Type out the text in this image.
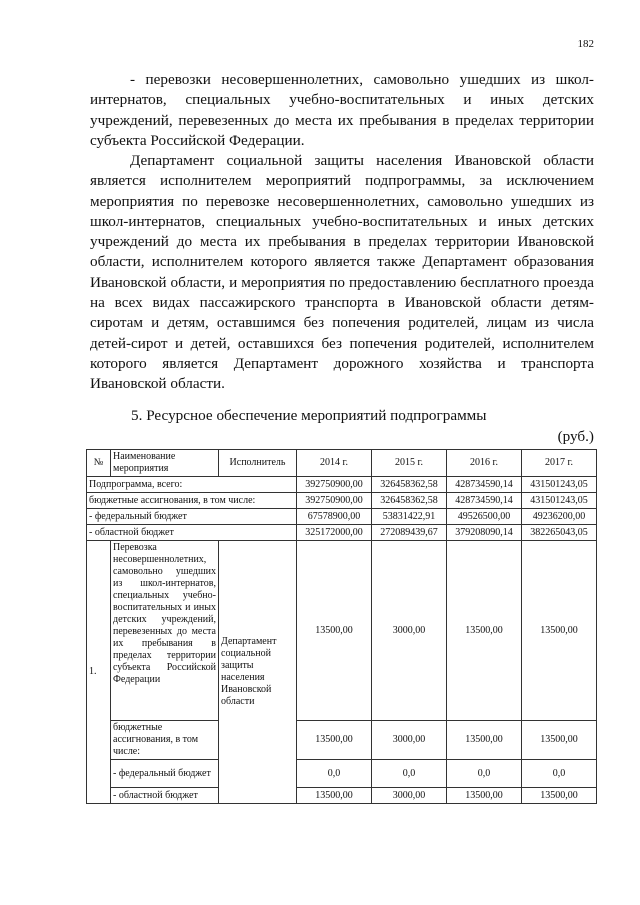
182

- перевозки несовершеннолетних, самовольно ушедших из школ-интернатов, специальных учебно-воспитательных и иных детских учреждений, перевезенных до места их пребывания в пределах территории субъекта Российской Федерации.

Департамент социальной защиты населения Ивановской области является исполнителем мероприятий подпрограммы, за исключением мероприятия по перевозке несовершеннолетних, самовольно ушедших из школ-интернатов, специальных учебно-воспитательных и иных детских учреждений до места их пребывания в пределах территории Ивановской области, исполнителем которого является также Департамент образования Ивановской области, и мероприятия по предоставлению бесплатного проезда на всех видах пассажирского транспорта в Ивановской области детям-сиротам и детям, оставшимся без попечения родителей, лицам из числа детей-сирот и детей, оставшихся без попечения родителей, исполнителем которого является Департамент дорожного хозяйства и транспорта Ивановской области.

5. Ресурсное обеспечение мероприятий подпрограммы
(руб.)
№	Наименование мероприятия	Исполнитель	2014 г.	2015 г.	2016 г.	2017 г.
Подпрограмма, всего:			392750900,00	326458362,58	428734590,14	431501243,05
бюджетные ассигнования, в том числе:			392750900,00	326458362,58	428734590,14	431501243,05
- федеральный бюджет			67578900,00	53831422,91	49526500,00	49236200,00
- областной бюджет			325172000,00	272089439,67	379208090,14	382265043,05
1.	Перевозка несовершеннолетних, самовольно ушедших из школ-интернатов, специальных учебно-воспитательных и иных детских учреждений, перевезенных до места их пребывания в пределах территории субъекта Российской Федерации	Департамент социальной защиты населения Ивановской области	13500,00	3000,00	13500,00	13500,00
	бюджетные ассигнования, в том числе:		13500,00	3000,00	13500,00	13500,00
	- федеральный бюджет		0,0	0,0	0,0	0,0
	- областной бюджет		13500,00	3000,00	13500,00	13500,00
